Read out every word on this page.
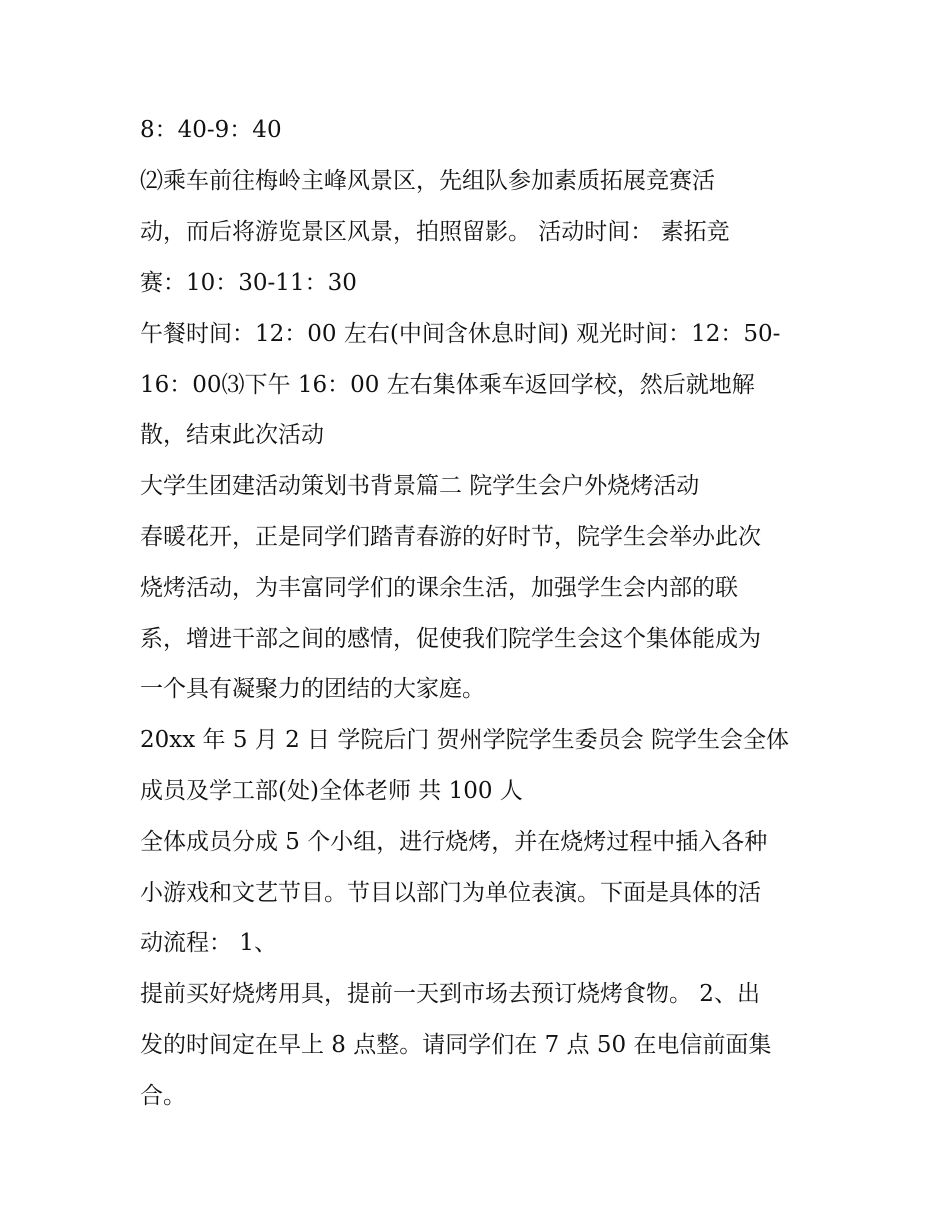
8：40-9：40

⑵乘车前往梅岭主峰风景区，先组队参加素质拓展竞赛活

动，而后将游览景区风景，拍照留影。 活动时间： 素拓竞

赛：10：30-11：30

午餐时间：12：00 左右(中间含休息时间) 观光时间：12：50-

16：00⑶下午 16：00 左右集体乘车返回学校，然后就地解

散，结束此次活动

大学生团建活动策划书背景篇二 院学生会户外烧烤活动

春暖花开，正是同学们踏青春游的好时节，院学生会举办此次

烧烤活动，为丰富同学们的课余生活，加强学生会内部的联

系，增进干部之间的感情，促使我们院学生会这个集体能成为

一个具有凝聚力的团结的大家庭。

20xx 年 5 月 2 日 学院后门 贺州学院学生委员会 院学生会全体

成员及学工部(处)全体老师 共 100 人

全体成员分成 5 个小组，进行烧烤，并在烧烤过程中插入各种

小游戏和文艺节目。节目以部门为单位表演。下面是具体的活

动流程： 1、

提前买好烧烤用具，提前一天到市场去预订烧烤食物。 2、出

发的时间定在早上 8 点整。请同学们在 7 点 50 在电信前面集

合。
